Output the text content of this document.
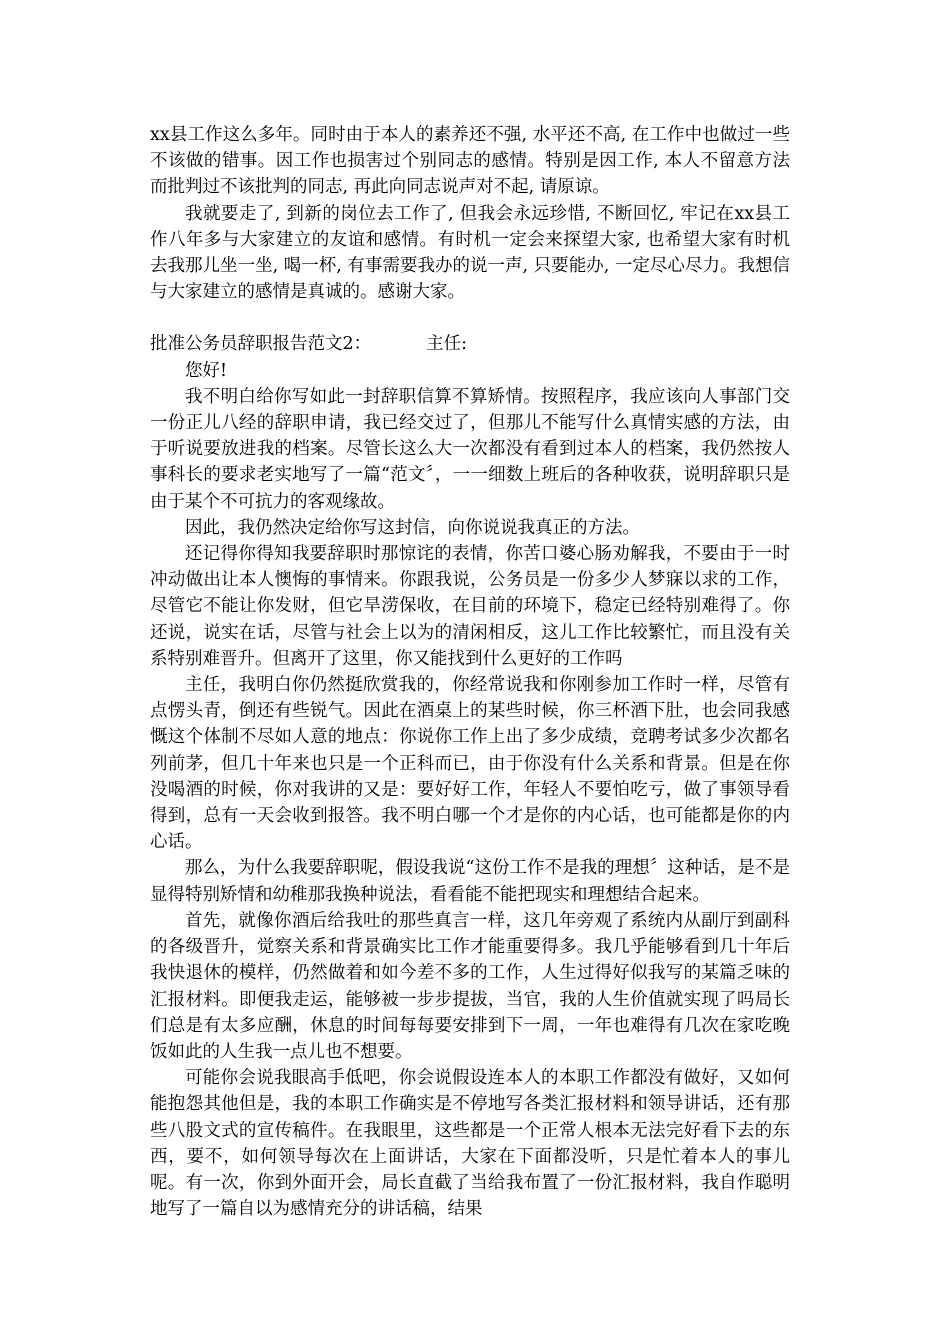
xx县工作这么多年。同时由于本人的素养还不强, 水平还不高, 在工作中也做过一些不该做的错事。因工作也损害过个别同志的感情。特别是因工作, 本人不留意方法而批判过不该批判的同志, 再此向同志说声对不起, 请原谅。

我就要走了, 到新的岗位去工作了, 但我会永远珍惜, 不断回忆, 牢记在xx县工作八年多与大家建立的友谊和感情。有时机一定会来探望大家, 也希望大家有时机去我那儿坐一坐, 喝一杯, 有事需要我办的说一声, 只要能办, 一定尽心尽力。我想信与大家建立的感情是真诚的。感谢大家。

批准公务员辞职报告范文2：	主任:

您好!

我不明白给你写如此一封辞职信算不算矫情。按照程序，我应该向人事部门交一份正儿八经的辞职申请，我已经交过了，但那儿不能写什么真情实感的方法，由于听说要放进我的档案。尽管长这么大一次都没有看到过本人的档案，我仍然按人事科长的要求老实地写了一篇“范文〞，一一细数上班后的各种收获，说明辞职只是由于某个不可抗力的客观缘故。

因此，我仍然决定给你写这封信，向你说说我真正的方法。

还记得你得知我要辞职时那惊诧的表情，你苦口婆心肠劝解我，不要由于一时冲动做出让本人懊悔的事情来。你跟我说，公务员是一份多少人梦寐以求的工作，尽管它不能让你发财，但它旱涝保收，在目前的环境下，稳定已经特别难得了。你还说，说实在话，尽管与社会上以为的清闲相反，这儿工作比较繁忙，而且没有关系特别难晋升。但离开了这里，你又能找到什么更好的工作吗

主任，我明白你仍然挺欣赏我的，你经常说我和你刚参加工作时一样，尽管有点愣头青，倒还有些锐气。因此在酒桌上的某些时候，你三杯酒下肚，也会同我感慨这个体制不尽如人意的地点：你说你工作上出了多少成绩，竞聘考试多少次都名列前茅，但几十年来也只是一个正科而已，由于你没有什么关系和背景。但是在你没喝酒的时候，你对我讲的又是：要好好工作，年轻人不要怕吃亏，做了事领导看得到，总有一天会收到报答。我不明白哪一个才是你的内心话，也可能都是你的内心话。

那么，为什么我要辞职呢，假设我说“这份工作不是我的理想〞这种话，是不是显得特别矫情和幼稚那我换种说法，看看能不能把现实和理想结合起来。

首先，就像你酒后给我吐的那些真言一样，这几年旁观了系统内从副厅到副科的各级晋升，觉察关系和背景确实比工作才能重要得多。我几乎能够看到几十年后我快退休的模样，仍然做着和如今差不多的工作，人生过得好似我写的某篇乏味的汇报材料。即便我走运，能够被一步步提拔，当官，我的人生价值就实现了吗局长们总是有太多应酬，休息的时间每每要安排到下一周，一年也难得有几次在家吃晚饭如此的人生我一点儿也不想要。

可能你会说我眼高手低吧，你会说假设连本人的本职工作都没有做好，又如何能抱怨其他但是，我的本职工作确实是不停地写各类汇报材料和领导讲话，还有那些八股文式的宣传稿件。在我眼里，这些都是一个正常人根本无法完好看下去的东西，要不，如何领导每次在上面讲话，大家在下面都没听，只是忙着本人的事儿呢。有一次，你到外面开会，局长直截了当给我布置了一份汇报材料，我自作聪明地写了一篇自以为感情充分的讲话稿，结果
